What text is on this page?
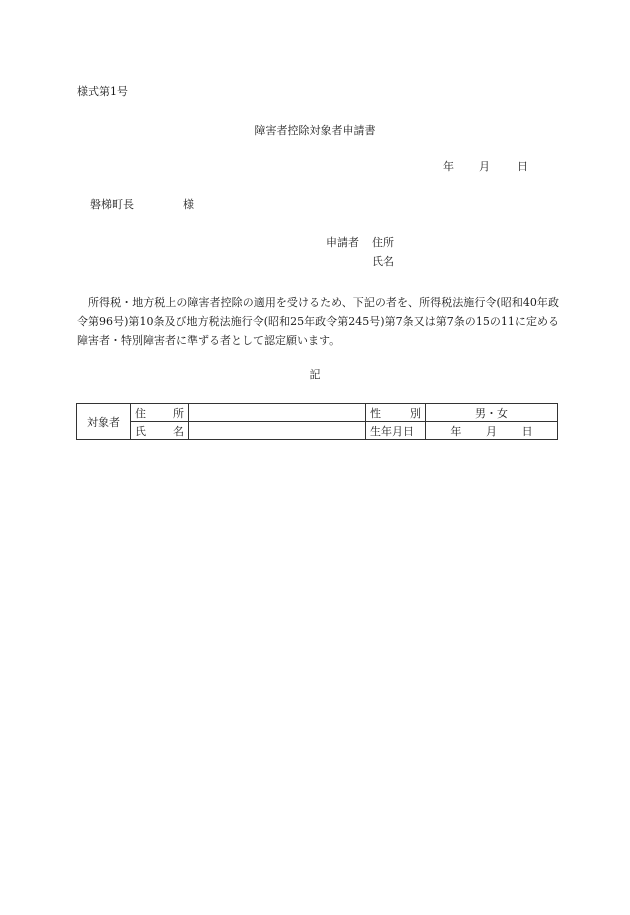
様式第1号
障害者控除対象者申請書
年 月 日
磐梯町長	様
申請者 住所
氏名
所得税・地方税上の障害者控除の適用を受けるため、下記の者を、所得税法施行令(昭和40年政令第96号)第10条及び地方税法施行令(昭和25年政令第245号)第7条又は第7条の15の11に定める障害者・特別障害者に準ずる者として認定願います。
記
対象者	住 所		性 別	男・女

	氏 名		生年月日	年 月 日
